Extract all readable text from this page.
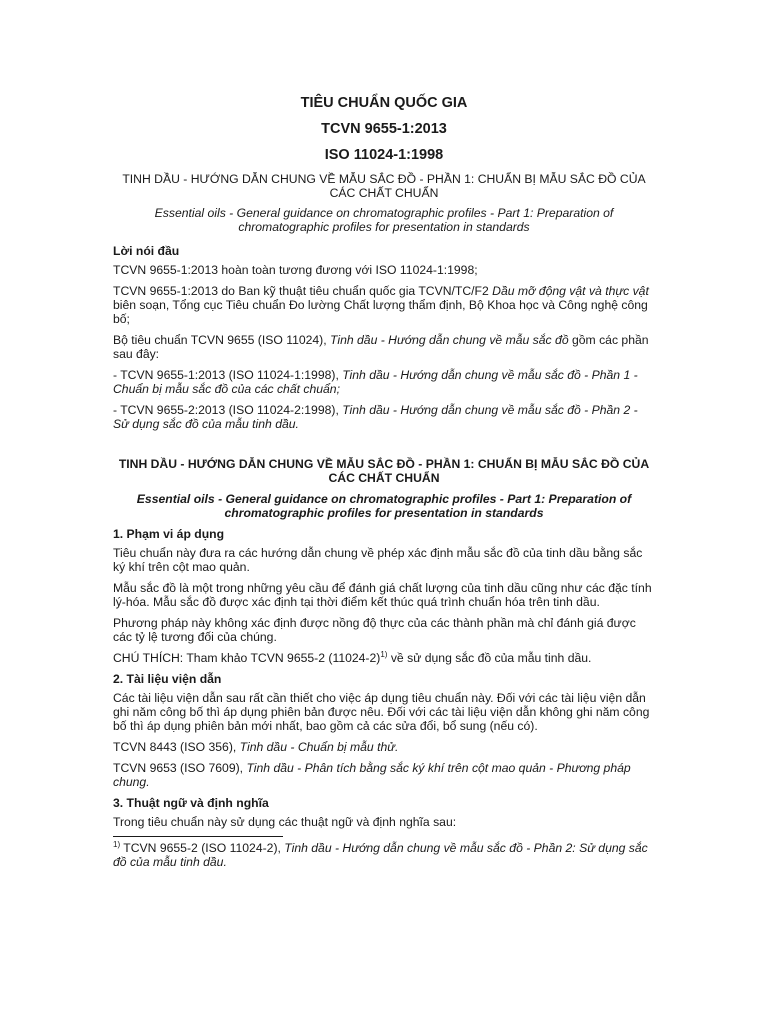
TIÊU CHUẨN QUỐC GIA
TCVN 9655-1:2013
ISO 11024-1:1998
TINH DẦU - HƯỚNG DẪN CHUNG VỀ MẪU SẮC ĐỒ - PHẦN 1: CHUẨN BỊ MẪU SẮC ĐỒ CỦA CÁC CHẤT CHUẨN
Essential oils - General guidance on chromatographic profiles - Part 1: Preparation of chromatographic profiles for presentation in standards
Lời nói đầu
TCVN 9655-1:2013 hoàn toàn tương đương với ISO 11024-1:1998;
TCVN 9655-1:2013 do Ban kỹ thuật tiêu chuẩn quốc gia TCVN/TC/F2 Dầu mỡ động vật và thực vật biên soạn, Tổng cục Tiêu chuẩn Đo lường Chất lượng thẩm định, Bộ Khoa học và Công nghệ công bố;
Bộ tiêu chuẩn TCVN 9655 (ISO 11024), Tinh dầu - Hướng dẫn chung về mẫu sắc đồ gồm các phần sau đây:
- TCVN 9655-1:2013 (ISO 11024-1:1998), Tinh dầu - Hướng dẫn chung về mẫu sắc đồ - Phần 1 - Chuẩn bị mẫu sắc đồ của các chất chuẩn;
- TCVN 9655-2:2013 (ISO 11024-2:1998), Tinh dầu - Hướng dẫn chung về mẫu sắc đồ - Phần 2 - Sử dụng sắc đồ của mẫu tinh dầu.
TINH DẦU - HƯỚNG DẪN CHUNG VỀ MẪU SẮC ĐỒ - PHẦN 1: CHUẨN BỊ MẪU SẮC ĐỒ CỦA CÁC CHẤT CHUẨN
Essential oils - General guidance on chromatographic profiles - Part 1: Preparation of chromatographic profiles for presentation in standards
1. Phạm vi áp dụng
Tiêu chuẩn này đưa ra các hướng dẫn chung về phép xác định mẫu sắc đồ của tinh dầu bằng sắc ký khí trên cột mao quản.
Mẫu sắc đồ là một trong những yêu cầu để đánh giá chất lượng của tinh dầu cũng như các đặc tính lý-hóa. Mẫu sắc đồ được xác định tại thời điểm kết thúc quá trình chuẩn hóa trên tinh dầu.
Phương pháp này không xác định được nồng độ thực của các thành phần mà chỉ đánh giá được các tỷ lệ tương đối của chúng.
CHÚ THÍCH: Tham khảo TCVN 9655-2 $(11024-2)^{1)}$ về sử dụng sắc đồ của mẫu tinh dầu.
2. Tài liệu viện dẫn
Các tài liệu viện dẫn sau rất cần thiết cho việc áp dụng tiêu chuẩn này. Đối với các tài liệu viện dẫn ghi năm công bố thì áp dụng phiên bản được nêu. Đối với các tài liệu viện dẫn không ghi năm công bố thì áp dụng phiên bản mới nhất, bao gồm cả các sửa đổi, bổ sung (nếu có).
TCVN 8443 (ISO 356), Tinh dầu - Chuẩn bị mẫu thử.
TCVN 9653 (ISO 7609), Tinh dầu - Phân tích bằng sắc ký khí trên cột mao quản - Phương pháp chung.
3. Thuật ngữ và định nghĩa
Trong tiêu chuẩn này sử dụng các thuật ngữ và định nghĩa sau:
$^{1)}$ TCVN 9655-2 (ISO 11024-2), Tinh dầu - Hướng dẫn chung về mẫu sắc đồ - Phần 2: Sử dụng sắc đồ của mẫu tinh dầu.
